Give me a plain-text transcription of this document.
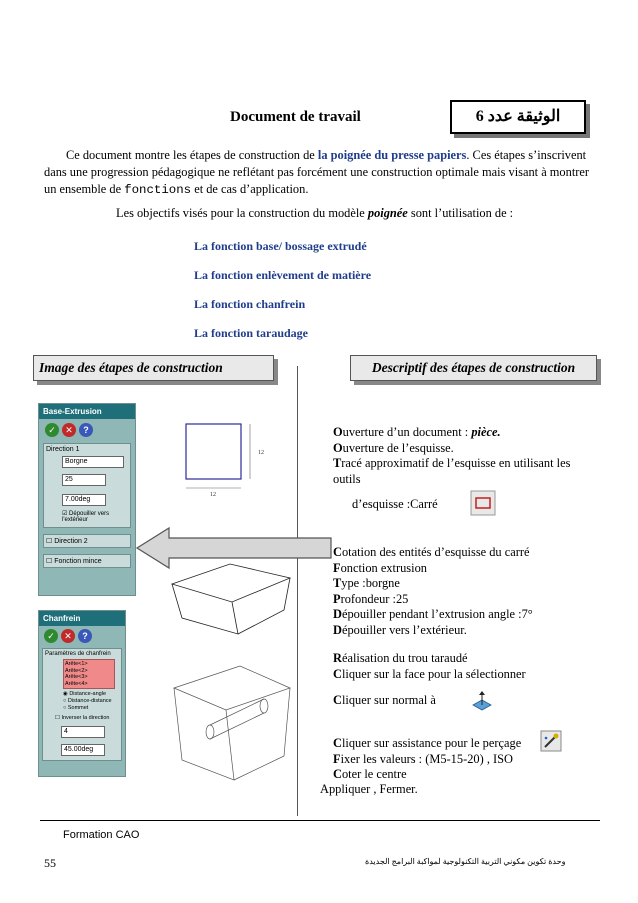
Document de travail	الوثيقة عدد 6
Ce document montre les étapes de construction de la poignée du presse papiers. Ces étapes s’inscrivent dans une progression pédagogique ne reflétant pas forcément une construction optimale mais visant à montrer un ensemble de fonctions et de cas d’application.
Les objectifs visés pour la construction du modèle poignée sont l’utilisation de :
La fonction base/ bossage extrudé
La fonction enlèvement de matière
La fonction chanfrein
La fonction taraudage
Image des étapes de construction	Descriptif des étapes de construction
Base-Extrusion
✓ ✕ ?
Direction 1
Borgne
25
7.00deg
☑ Dépouiller vers l'extérieur
☐ Direction 2
☐ Fonction mince
12
12
Chanfrein
✓ ✕ ?
Paramètres de chanfrein
Arête<1>
Arête<2>
Arête<3>
Arête<4>
◉ Distance-angle
○ Distance-distance
○ Sommet
☐ Inverser la direction
4
45.00deg
Ouverture d’un document : pièce.
Ouverture de l’esquisse.
Tracé approximatif de l’esquisse en utilisant les outils
d’esquisse :Carré
Cotation des entités d’esquisse du carré
Fonction extrusion
Type :borgne
Profondeur :25
Dépouiller pendant l’extrusion angle :7°
Dépouiller vers l’extérieur.
Réalisation du trou taraudé
Cliquer sur la face pour la sélectionner
Cliquer sur normal à
Cliquer sur assistance pour le perçage
Fixer les valeurs : (M5-15-20) , ISO
Coter le centre
Appliquer , Fermer.
Formation CAO
55	وحدة تكوين مكوني التربية التكنولوجية لمواكبة البرامج الجديدة
